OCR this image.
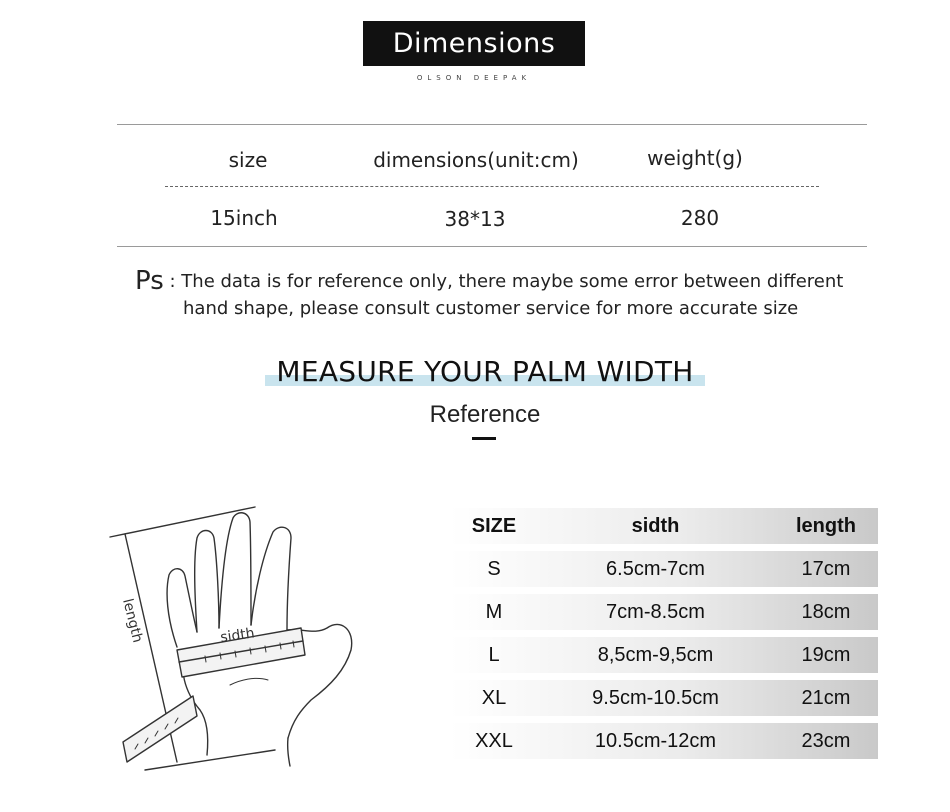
Dimensions
OLSON DEEPAK
size	dimensions(unit:cm)	weight(g)
15inch	38*13	280
Ps : The data is for reference only, there maybe some error between different
hand shape, please consult customer service for more accurate size
MEASURE YOUR PALM WIDTH
Reference
length	sidth
SIZE	sidth	length
S	6.5cm-7cm	17cm
M	7cm-8.5cm	18cm
L	8,5cm-9,5cm	19cm
XL	9.5cm-10.5cm	21cm
XXL	10.5cm-12cm	23cm
